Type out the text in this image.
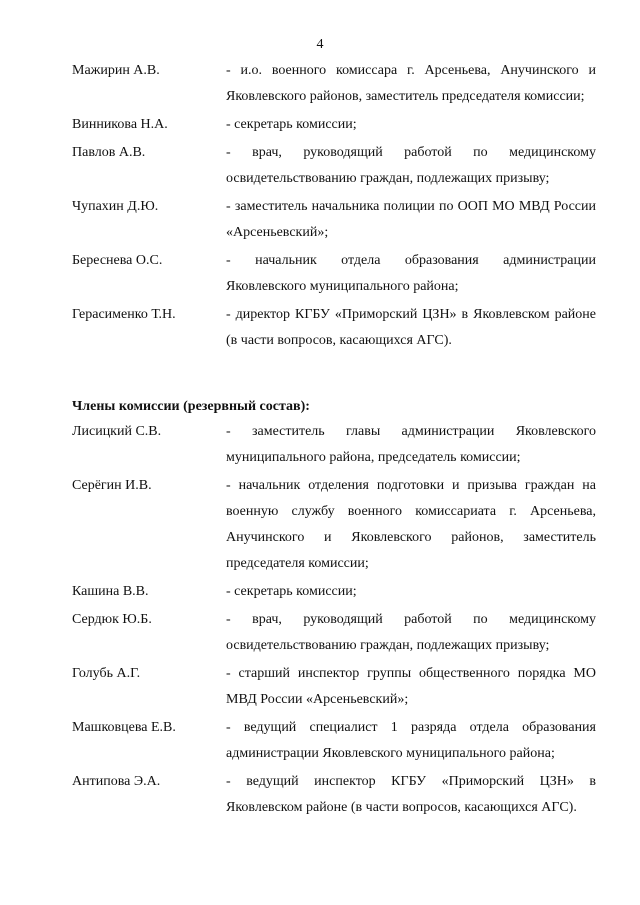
4
Мажирин А.В.	- и.о. военного комиссара г. Арсеньева, Анучинского и Яковлевского районов, заместитель председателя комиссии;
Винникова Н.А.	- секретарь комиссии;
Павлов А.В.	- врач, руководящий работой по медицинскому освидетельствованию граждан, подлежащих призыву;
Чупахин Д.Ю.	- заместитель начальника полиции по ООП МО МВД России «Арсеньевский»;
Береснева О.С.	- начальник отдела образования администрации Яковлевского муниципального района;
Герасименко Т.Н.	- директор КГБУ «Приморский ЦЗН» в Яковлевском районе (в части вопросов, касающихся АГС).
Члены комиссии (резервный состав):
Лисицкий С.В.	- заместитель главы администрации Яковлевского муниципального района, председатель комиссии;
Серёгин И.В.	- начальник отделения подготовки и призыва граждан на военную службу военного комиссариата г. Арсеньева, Анучинского и Яковлевского районов, заместитель председателя комиссии;
Кашина В.В.	- секретарь комиссии;
Сердюк Ю.Б.	- врач, руководящий работой по медицинскому освидетельствованию граждан, подлежащих призыву;
Голубь А.Г.	- старший инспектор группы общественного порядка МО МВД России «Арсеньевский»;
Машковцева Е.В.	- ведущий специалист 1 разряда отдела образования администрации Яковлевского муниципального района;
Антипова Э.А.	- ведущий инспектор КГБУ «Приморский ЦЗН» в Яковлевском районе (в части вопросов, касающихся АГС).
